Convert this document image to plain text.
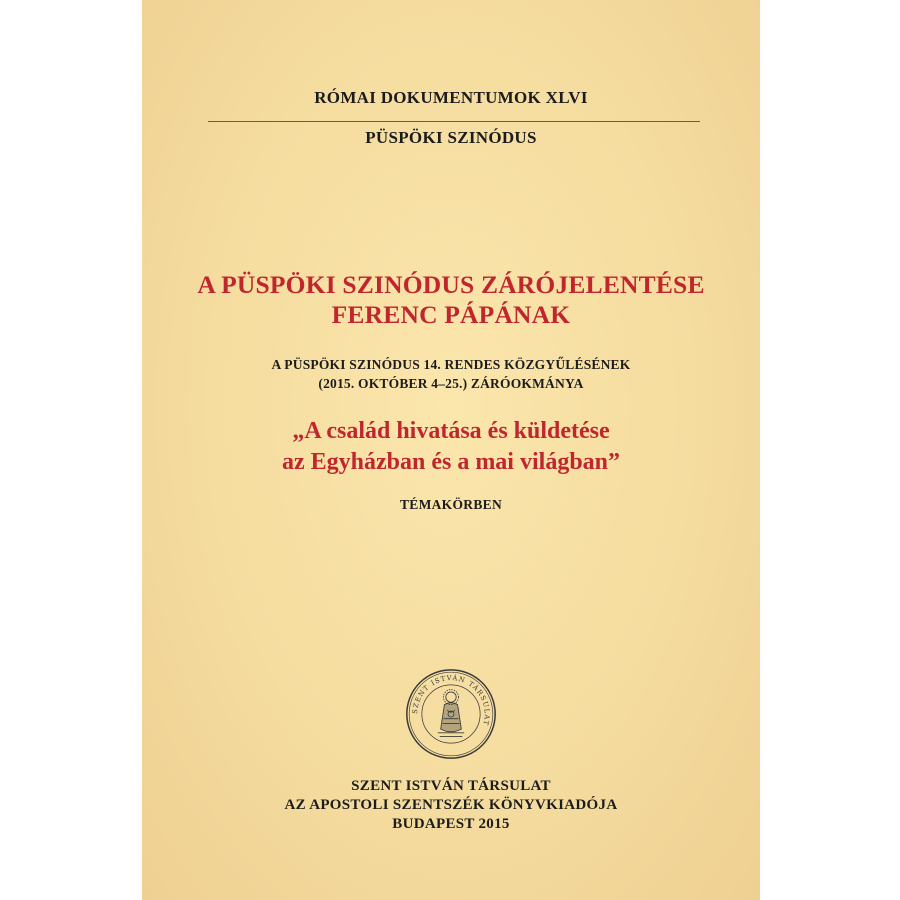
RÓMAI DOKUMENTUMOK XLVI
PÜSPÖKI SZINÓDUS
A PÜSPÖKI SZINÓDUS ZÁRÓJELENTÉSE
FERENC PÁPÁNAK
A PÜSPÖKI SZINÓDUS 14. RENDES KÖZGYŰLÉSÉNEK
(2015. OKTÓBER 4–25.) ZÁRÓOKMÁNYA
„A család hivatása és küldetése
az Egyházban és a mai világban”
TÉMAKÖRBEN
SZENT ISTVÁN TÁRSULAT
SZENT ISTVÁN TÁRSULAT
AZ APOSTOLI SZENTSZÉK KÖNYVKIADÓJA
BUDAPEST 2015
